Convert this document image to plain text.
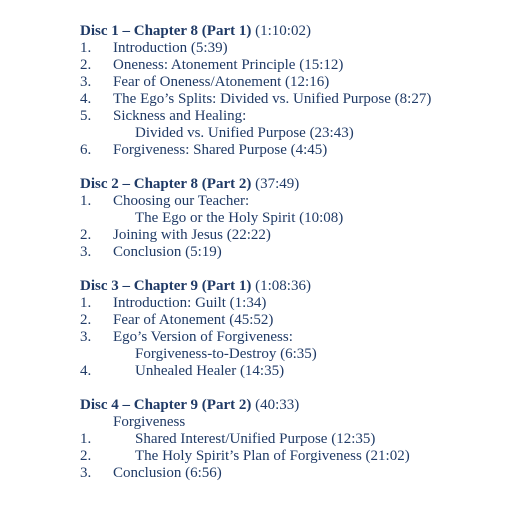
Disc 1 – Chapter 8 (Part 1) (1:10:02)
1. Introduction (5:39)
2. Oneness: Atonement Principle (15:12)
3. Fear of Oneness/Atonement (12:16)
4. The Ego’s Splits: Divided vs. Unified Purpose (8:27)
5. Sickness and Healing:
Divided vs. Unified Purpose (23:43)
6. Forgiveness: Shared Purpose (4:45)
Disc 2 – Chapter 8 (Part 2) (37:49)
1. Choosing our Teacher:
The Ego or the Holy Spirit (10:08)
2. Joining with Jesus (22:22)
3. Conclusion (5:19)
Disc 3 – Chapter 9 (Part 1) (1:08:36)
1. Introduction: Guilt (1:34)
2. Fear of Atonement (45:52)
3. Ego’s Version of Forgiveness:
Forgiveness-to-Destroy (6:35)
4.	Unhealed Healer (14:35)
Disc 4 – Chapter 9 (Part 2) (40:33)
Forgiveness
1.	Shared Interest/Unified Purpose (12:35)
2.	The Holy Spirit’s Plan of Forgiveness (21:02)
3. Conclusion (6:56)
